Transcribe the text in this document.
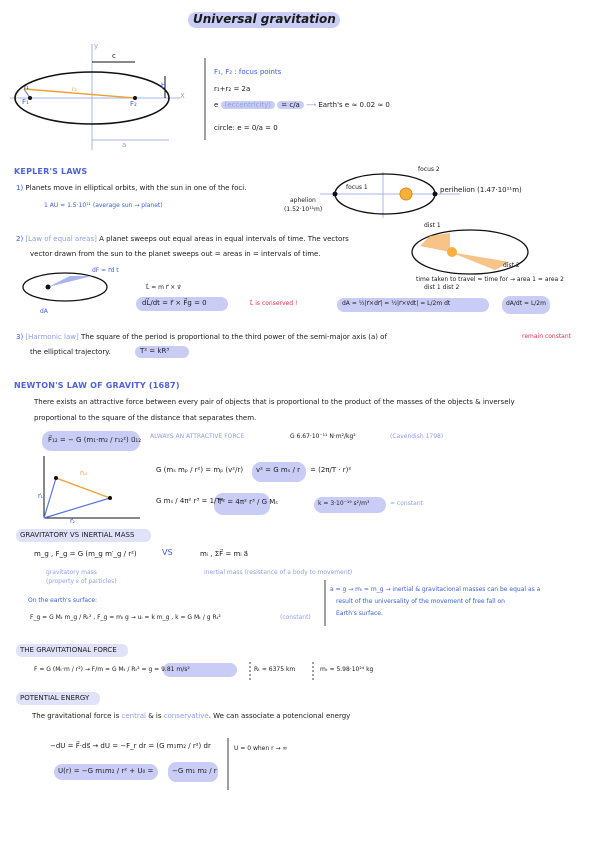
Universal gravitation
c
b
a
F₁	F₂
r₁	r₂
y
X
F₁, F₂ : focus points
r₁+r₂ = 2a
e (eccentricity) = c/a ⟶ Earth's e ≈ 0.02 ≈ 0
circle: e = 0/a = 0
KEPLER'S LAWS
1) Planets move in elliptical orbits, with the sun in one of the foci.
1 AU = 1.5·10¹¹ (average sun → planet)
aphelion
(1.52·10¹¹m)
focus 1
focus 2
perihelion (1.47·10¹¹m)
2) [Law of equal areas] A planet sweeps out equal areas in equal intervals of time. The vectors
vector drawn from the sun to the planet sweeps out = areas in = intervals of time.
dF = r⃗d t
dA
L⃗ = m r⃗ × v⃗
dL⃗/dt = r⃗ × F⃗g = 0	L⃗ is conserved !	dA = ½|r⃗×dr⃗| = ½|r⃗×v⃗dt| = L/2m dt	dA/dt = L/2m
remain constant
dist 1
dist 2
time taken to travel = time for → area 1 = area 2
dist 1 dist 2
3) [Harmonic law] The square of the period is proportional to the third power of the semi-major axis (a) of
the elliptical trajectory.	T² = kR³
NEWTON'S LAW OF GRAVITY (1687)
There exists an attractive force between every pair of objects that is proportional to the product of the masses of the objects & inversely
proportional to the square of the distance that separates them.
F⃗₁₂ = − G (m₁·m₂ / r₁₂²) u⃗₁₂ ALWAYS AN ATTRACTIVE FORCE	G 6.67·10⁻¹¹ N·m²/kg²	(Cavendish 1798)
r⃗₁
r⃗₂
r⃗₁₂	G (mₛ mₚ / r²) = mₚ (v²/r) v² = G mₛ / r = (2π/T · r)²
G mₛ / 4π² r³ = 1/T²
T² = 4π² r³ / G Mₛ	k = 3·10⁻¹⁹ s²/m³	= constant
GRAVITATORY VS INERTIAL MASS
m_g , F_g = G (m_g m′_g / r²)	VS	mᵢ , ΣF⃗ = mᵢ a⃗
gravitatory mass
(property 𝑠 of particles)
inertial mass (resistance of a body to movement)
On the earth's surface:
F_g = G Mₜ m_g / Rₜ² , F_g = mᵢ g → uᵢ = k m_g , k = G Mₜ / g Rₜ²	(constant)
a = g → mᵢ = m_g → inertial & gravitacional masses can be equal as a
result of the universality of the movement of free fall on
Earth's surface.
THE GRAVITATIONAL FORCE
F = G (Mₜ·m / r²) → F/m = G Mₜ / Rₜ² = g = 9.81 m/s²	Rₜ ≈ 6375 km	mₜ ≈ 5.98·10²⁴ kg
POTENTIAL ENERGY
The gravitational force is central & is conservative. We can associate a potencional energy
−dU = F⃗·ds⃗ → dU = −F_r dr = (G m₁m₂ / r²) dr	U = 0 when r → ∞
U(r) = −G m₁m₂ / r² + U₀ =	−G m₁ m₂ / r
